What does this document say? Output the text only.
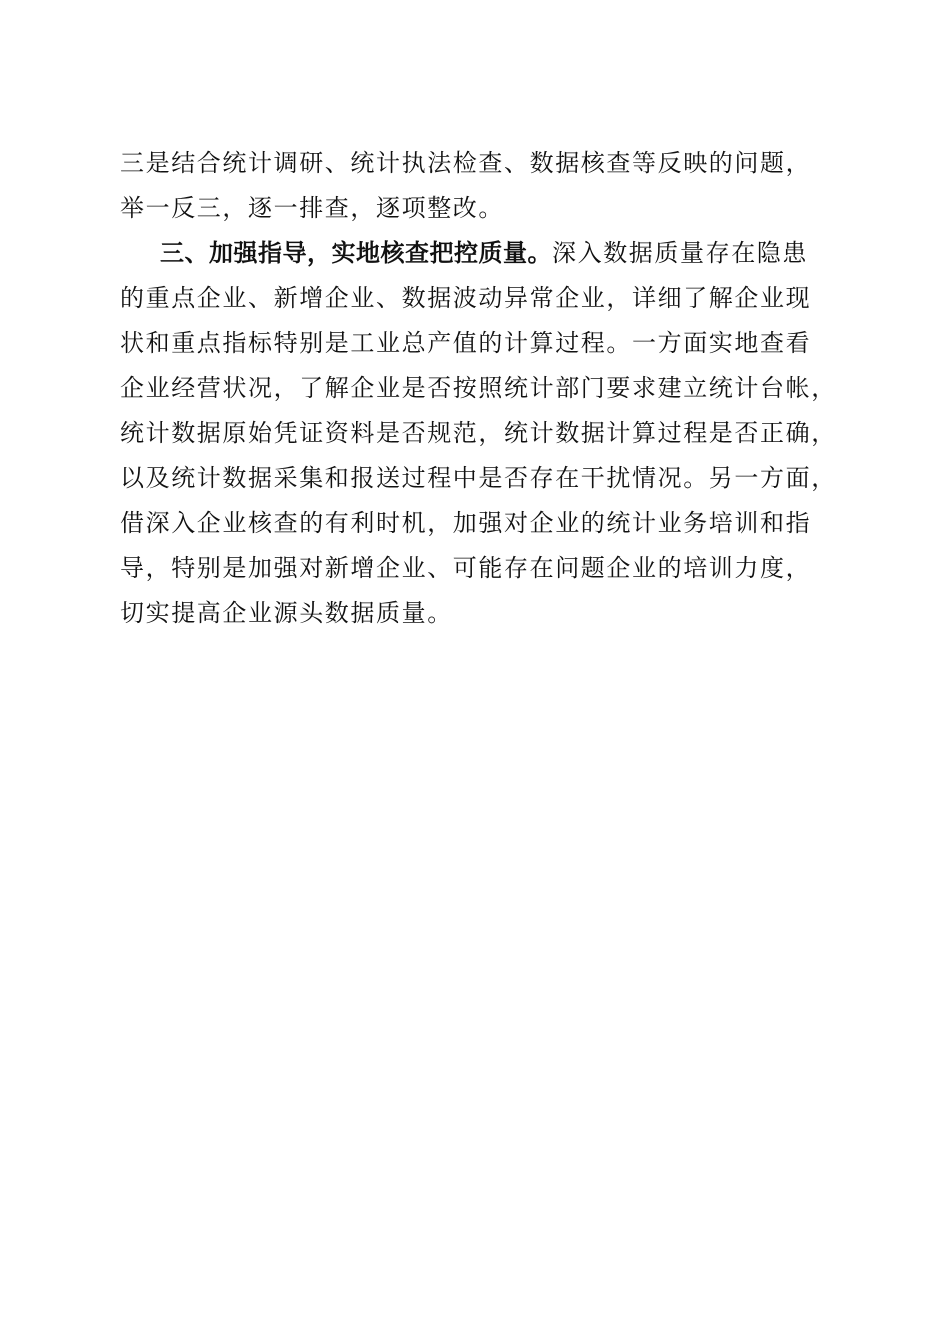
三是结合统计调研、统计执法检查、数据核查等反映的问题，
举一反三，逐一排查，逐项整改。
三、加强指导，实地核查把控质量。深入数据质量存在隐患
的重点企业、新增企业、数据波动异常企业，详细了解企业现
状和重点指标特别是工业总产值的计算过程。一方面实地查看
企业经营状况，了解企业是否按照统计部门要求建立统计台帐，
统计数据原始凭证资料是否规范，统计数据计算过程是否正确，
以及统计数据采集和报送过程中是否存在干扰情况。另一方面，
借深入企业核查的有利时机，加强对企业的统计业务培训和指
导，特别是加强对新增企业、可能存在问题企业的培训力度，
切实提高企业源头数据质量。
